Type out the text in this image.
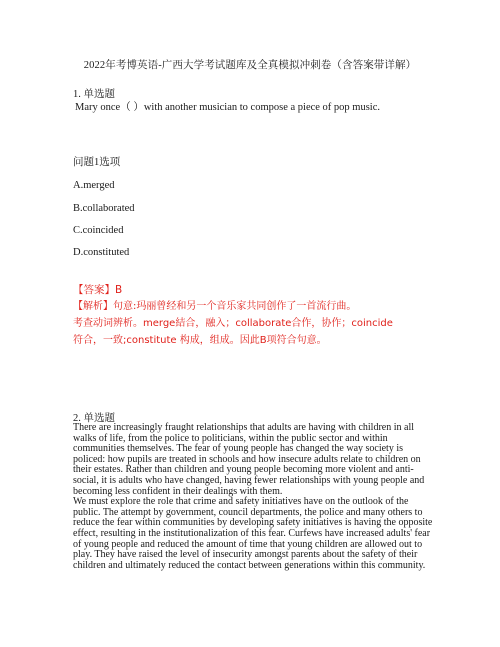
2022年考博英语-广西大学考试题库及全真模拟冲刺卷（含答案带详解）
1. 单选题
Mary once（ ）with another musician to compose a piece of pop music.
问题1选项
A.merged
B.collaborated
C.coincided
D.constituted
【答案】B
【解析】句意:玛丽曾经和另一个音乐家共同创作了一首流行曲。
考查动词辨析。merge結合，融入；collaborate合作，协作；coincide
符合，一致;constitute 构成，组成。因此B项符合句意。
2. 单选题
There are increasingly fraught relationships that adults are having with children in all
walks of life, from the police to politicians, within the public sector and within
communities themselves. The fear of young people has changed the way society is
policed: how pupils are treated in schools and how insecure adults relate to children on
their estates. Rather than children and young people becoming more violent and anti-
social, it is adults who have changed, having fewer relationships with young people and
becoming less confident in their dealings with them.
We must explore the role that crime and safety initiatives have on the outlook of the
public. The attempt by government, council departments, the police and many others to
reduce the fear within communities by developing safety initiatives is having the opposite
effect, resulting in the institutionalization of this fear. Curfews have increased adults' fear
of young people and reduced the amount of time that young children are allowed out to
play. They have raised the level of insecurity amongst parents about the safety of their
children and ultimately reduced the contact between generations within this community.
